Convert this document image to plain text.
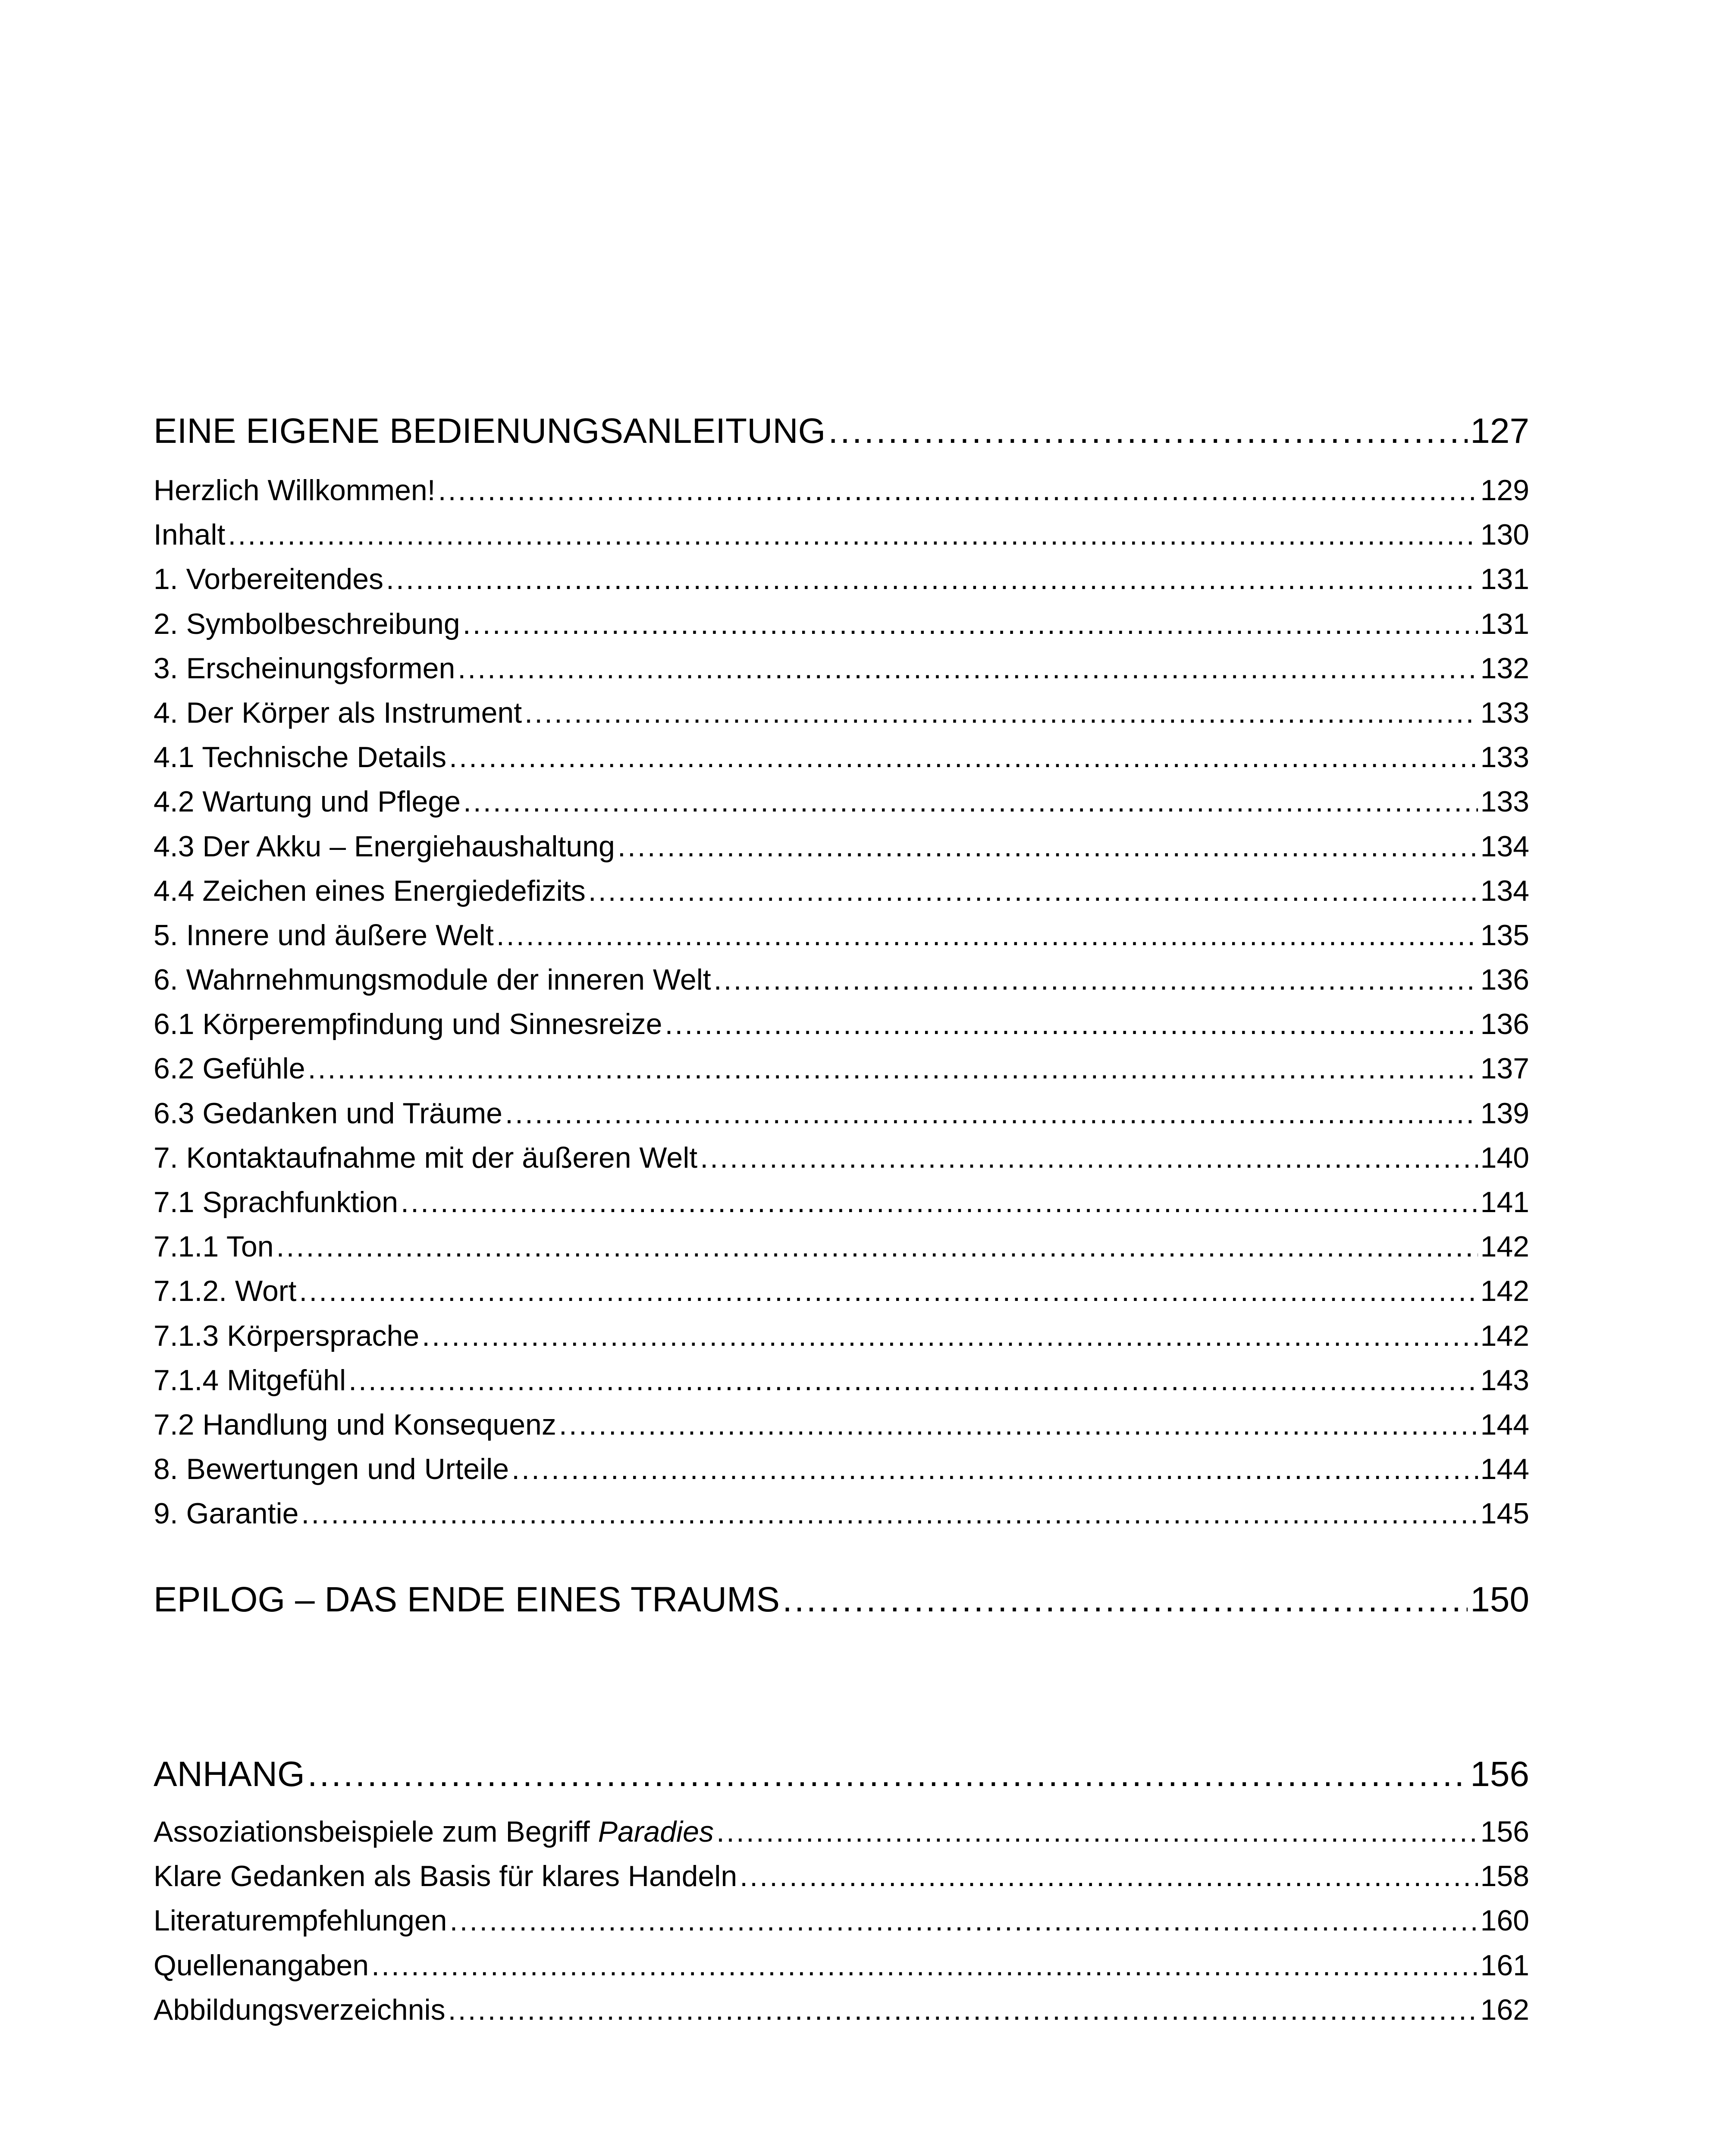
EINE EIGENE BEDIENUNGSANLEITUNG .....	127
Herzlich Willkommen! .....	129
Inhalt .....	130
1. Vorbereitendes .....	131
2. Symbolbeschreibung .....	131
3. Erscheinungsformen .....	132
4. Der Körper als Instrument .....	133
4.1 Technische Details .....	133
4.2 Wartung und Pflege .....	133
4.3 Der Akku – Energiehaushaltung .....	134
4.4 Zeichen eines Energiedefizits .....	134
5. Innere und äußere Welt .....	135
6. Wahrnehmungsmodule der inneren Welt .....	136
6.1 Körperempfindung und Sinnesreize .....	136
6.2 Gefühle .....	137
6.3 Gedanken und Träume .....	139
7. Kontaktaufnahme mit der äußeren Welt .....	140
7.1 Sprachfunktion .....	141
7.1.1 Ton .....	142
7.1.2. Wort .....	142
7.1.3 Körpersprache .....	142
7.1.4 Mitgefühl .....	143
7.2 Handlung und Konsequenz .....	144
8. Bewertungen und Urteile .....	144
9. Garantie .....	145
EPILOG – DAS ENDE EINES TRAUMS .....	150
ANHANG .....	156
Assoziationsbeispiele zum Begriff Paradies .....	156
Klare Gedanken als Basis für klares Handeln .....	158
Literaturempfehlungen .....	160
Quellenangaben .....	161
Abbildungsverzeichnis .....	162
